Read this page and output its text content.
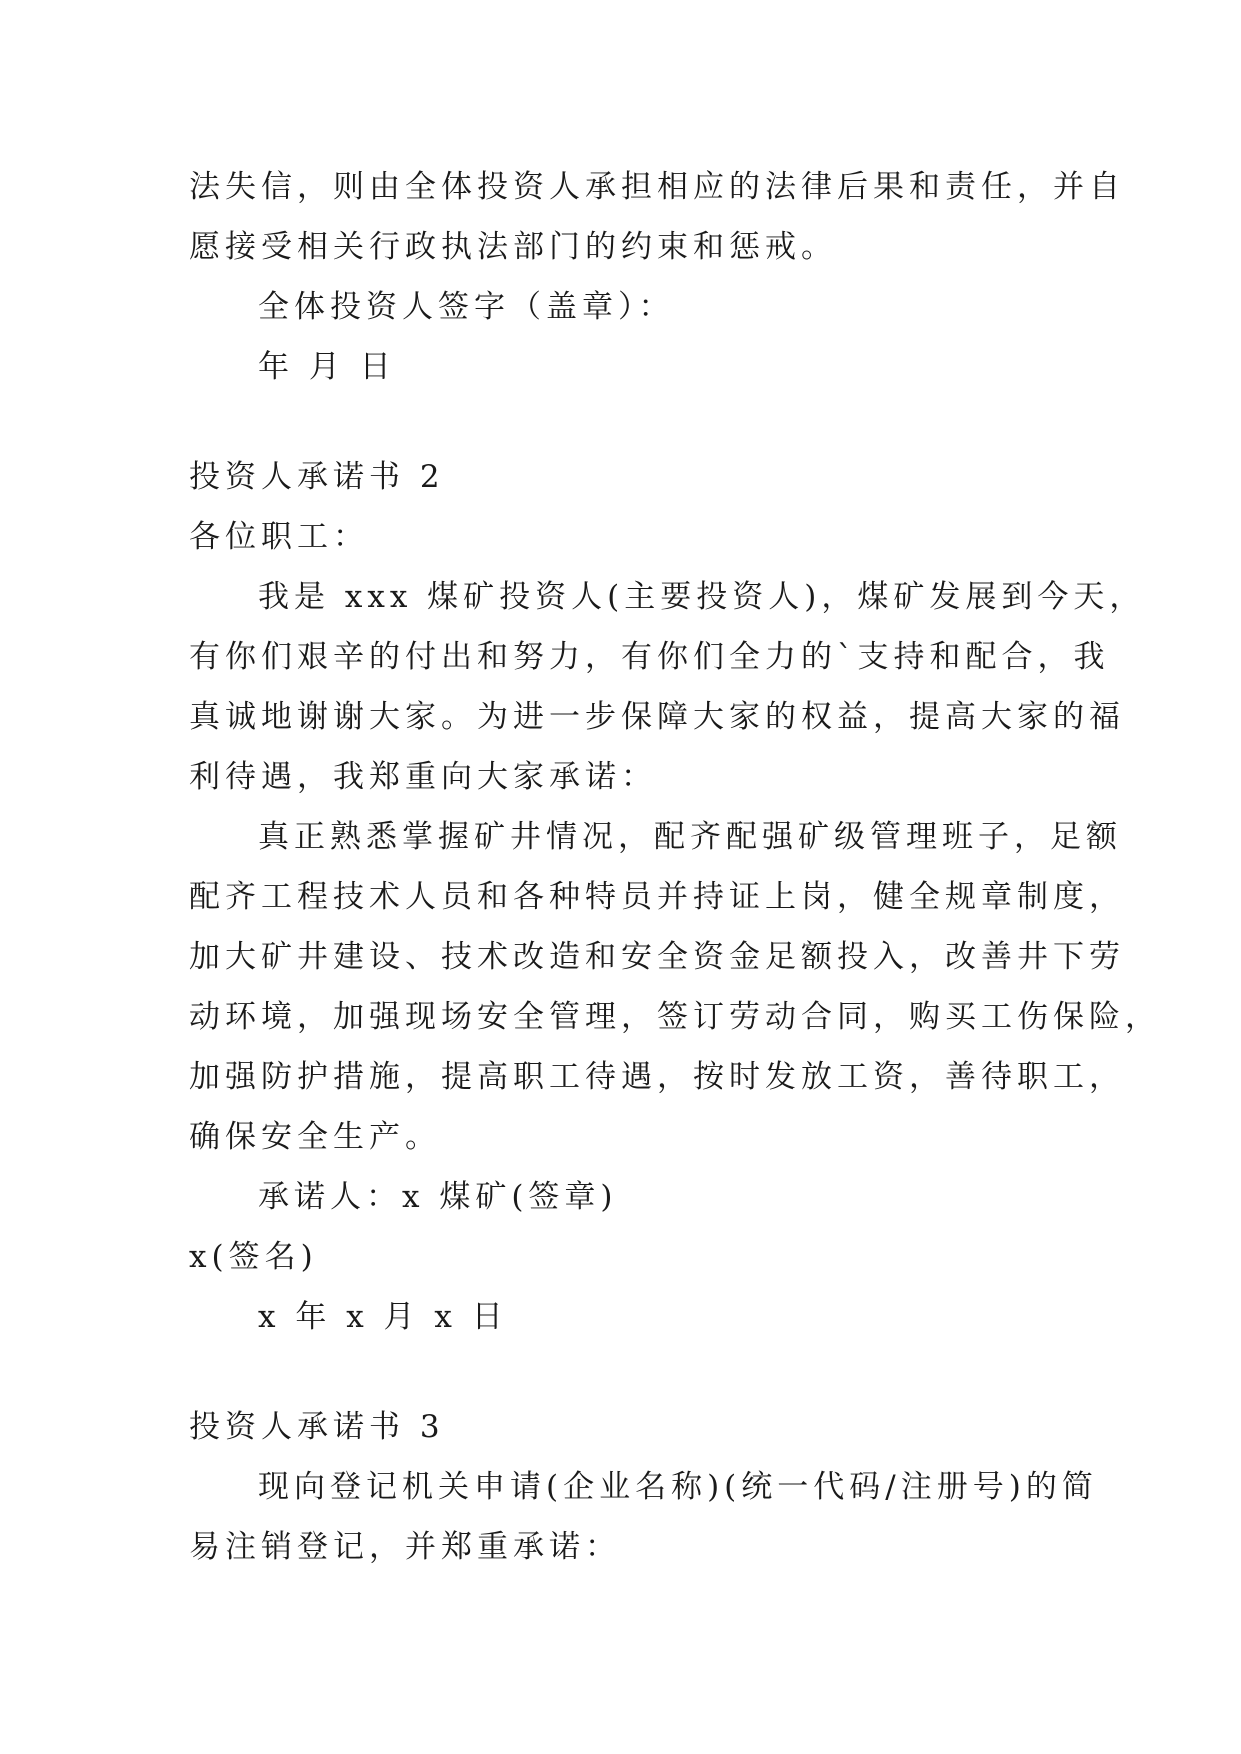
法失信，则由全体投资人承担相应的法律后果和责任，并自
愿接受相关行政执法部门的约束和惩戒。
全体投资人签字（盖章）：
年 月 日
投资人承诺书 2
各位职工：
我是 xxx 煤矿投资人(主要投资人)，煤矿发展到今天，
有你们艰辛的付出和努力，有你们全力的`支持和配合，我
真诚地谢谢大家。为进一步保障大家的权益，提高大家的福
利待遇，我郑重向大家承诺：
真正熟悉掌握矿井情况，配齐配强矿级管理班子，足额
配齐工程技术人员和各种特员并持证上岗，健全规章制度，
加大矿井建设、技术改造和安全资金足额投入，改善井下劳
动环境，加强现场安全管理，签订劳动合同，购买工伤保险，
加强防护措施，提高职工待遇，按时发放工资，善待职工，
确保安全生产。
承诺人：x 煤矿(签章)
x(签名)
x 年 x 月 x 日
投资人承诺书 3
现向登记机关申请(企业名称)(统一代码/注册号)的简
易注销登记，并郑重承诺：
